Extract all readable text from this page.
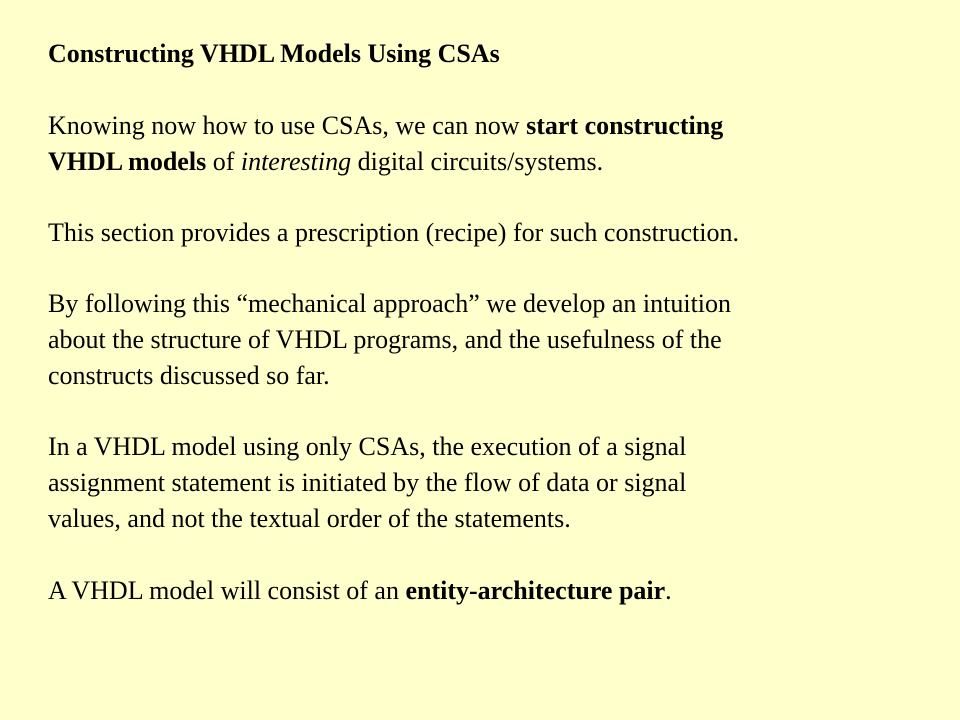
Constructing VHDL Models Using CSAs
Knowing now how to use CSAs, we can now start constructing
VHDL models of interesting digital circuits/systems.
This section provides a prescription (recipe) for such construction.
By following this “mechanical approach” we develop an intuition
about the structure of VHDL programs, and the usefulness of the
constructs discussed so far.
In a VHDL model using only CSAs, the execution of a signal
assignment statement is initiated by the flow of data or signal
values, and not the textual order of the statements.
A VHDL model will consist of an entity-architecture pair.
